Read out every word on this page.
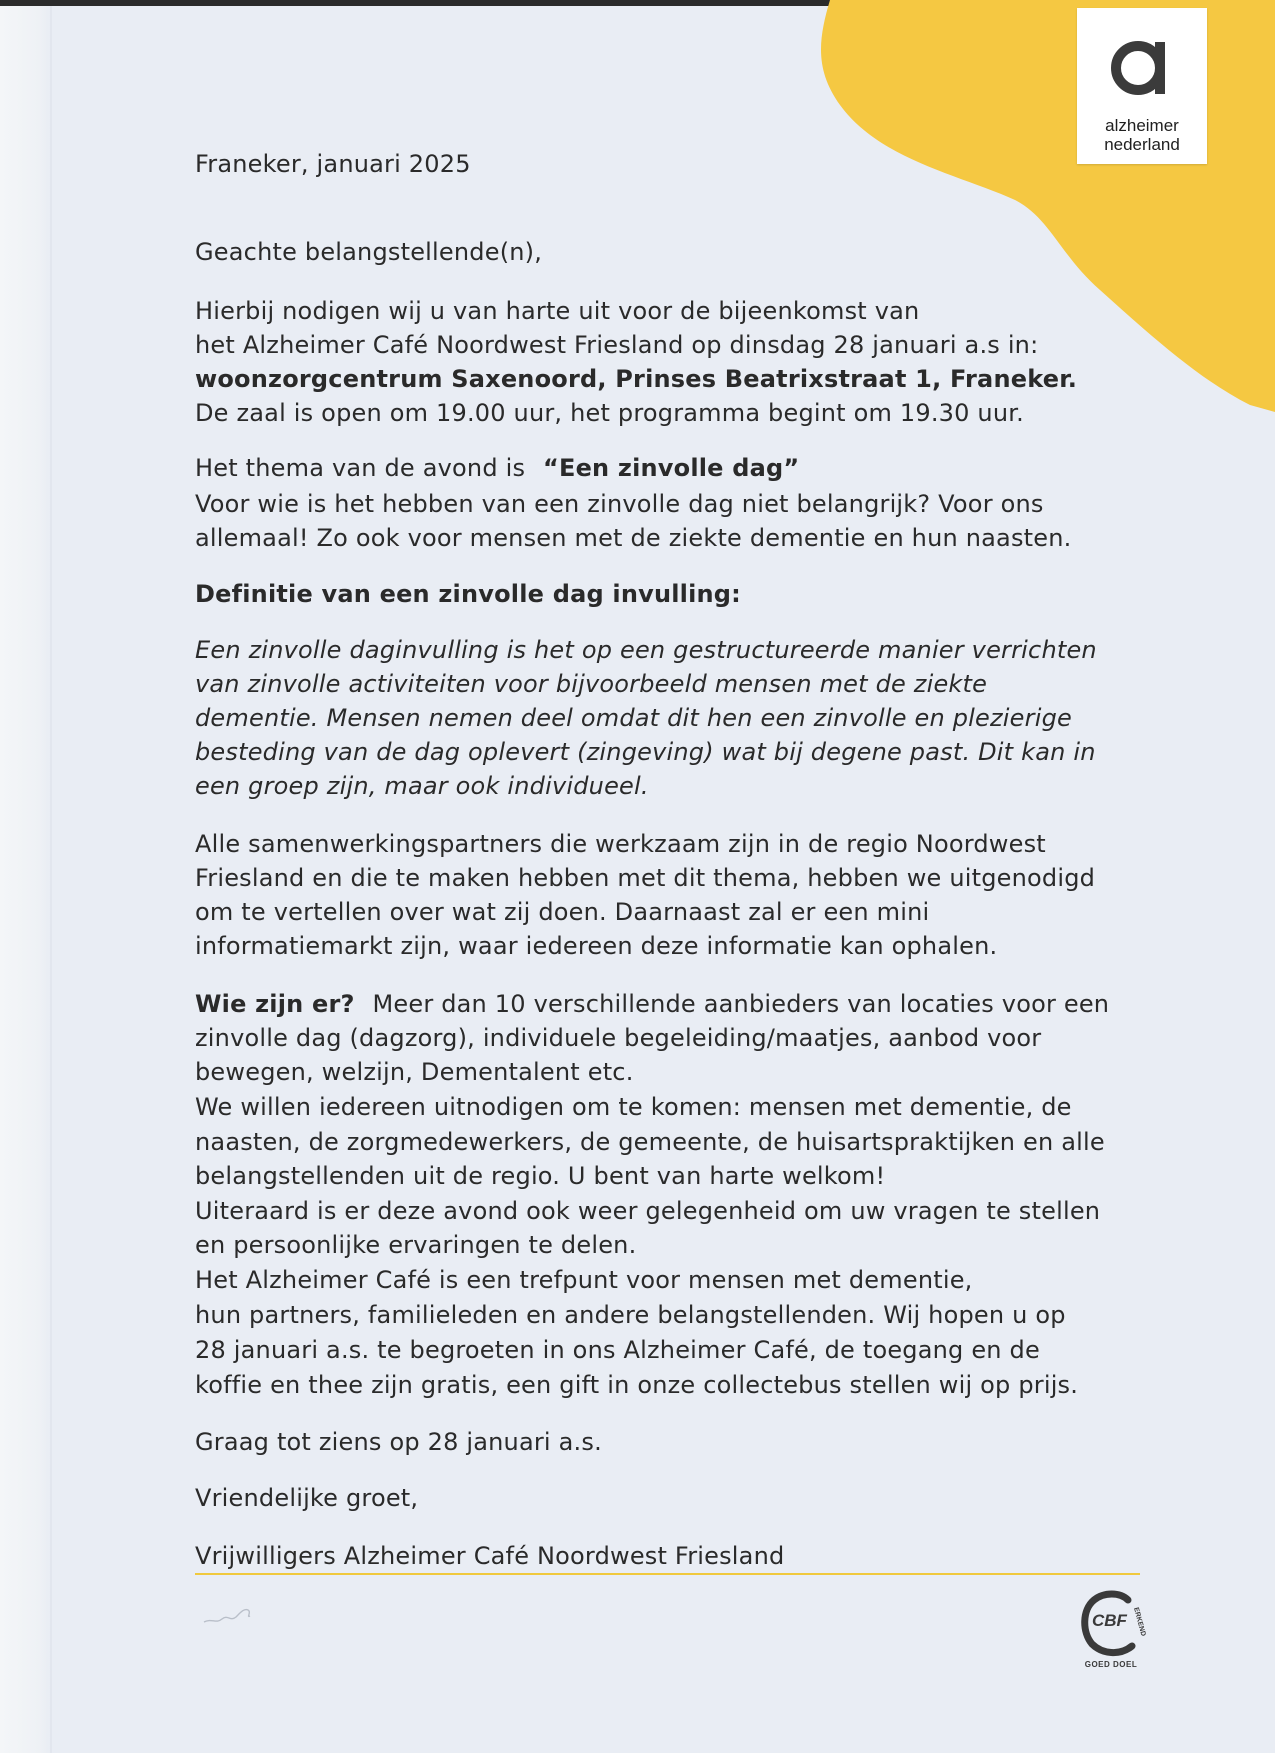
alzheimer
nederland
Franeker, januari 2025
Geachte belangstellende(n),
Hierbij nodigen wij u van harte uit voor de bijeenkomst van
het Alzheimer Café Noordwest Friesland op dinsdag 28 januari a.s in:
woonzorgcentrum Saxenoord, Prinses Beatrixstraat 1, Franeker.
De zaal is open om 19.00 uur, het programma begint om 19.30 uur.
Het thema van de avond is “Een zinvolle dag”
Voor wie is het hebben van een zinvolle dag niet belangrijk? Voor ons
allemaal! Zo ook voor mensen met de ziekte dementie en hun naasten.
Definitie van een zinvolle dag invulling:
Een zinvolle daginvulling is het op een gestructureerde manier verrichten
van zinvolle activiteiten voor bijvoorbeeld mensen met de ziekte
dementie. Mensen nemen deel omdat dit hen een zinvolle en plezierige
besteding van de dag oplevert (zingeving) wat bij degene past. Dit kan in
een groep zijn, maar ook individueel.
Alle samenwerkingspartners die werkzaam zijn in de regio Noordwest
Friesland en die te maken hebben met dit thema, hebben we uitgenodigd
om te vertellen over wat zij doen. Daarnaast zal er een mini
informatiemarkt zijn, waar iedereen deze informatie kan ophalen.
Wie zijn er? Meer dan 10 verschillende aanbieders van locaties voor een
zinvolle dag (dagzorg), individuele begeleiding/maatjes, aanbod voor
bewegen, welzijn, Dementalent etc.
We willen iedereen uitnodigen om te komen: mensen met dementie, de
naasten, de zorgmedewerkers, de gemeente, de huisartspraktijken en alle
belangstellenden uit de regio. U bent van harte welkom!
Uiteraard is er deze avond ook weer gelegenheid om uw vragen te stellen
en persoonlijke ervaringen te delen.
Het Alzheimer Café is een trefpunt voor mensen met dementie,
hun partners, familieleden en andere belangstellenden. Wij hopen u op
28 januari a.s. te begroeten in ons Alzheimer Café, de toegang en de
koffie en thee zijn gratis, een gift in onze collectebus stellen wij op prijs.
Graag tot ziens op 28 januari a.s.
Vriendelijke groet,
Vrijwilligers Alzheimer Café Noordwest Friesland
CBF ERKEND
GOED DOEL
